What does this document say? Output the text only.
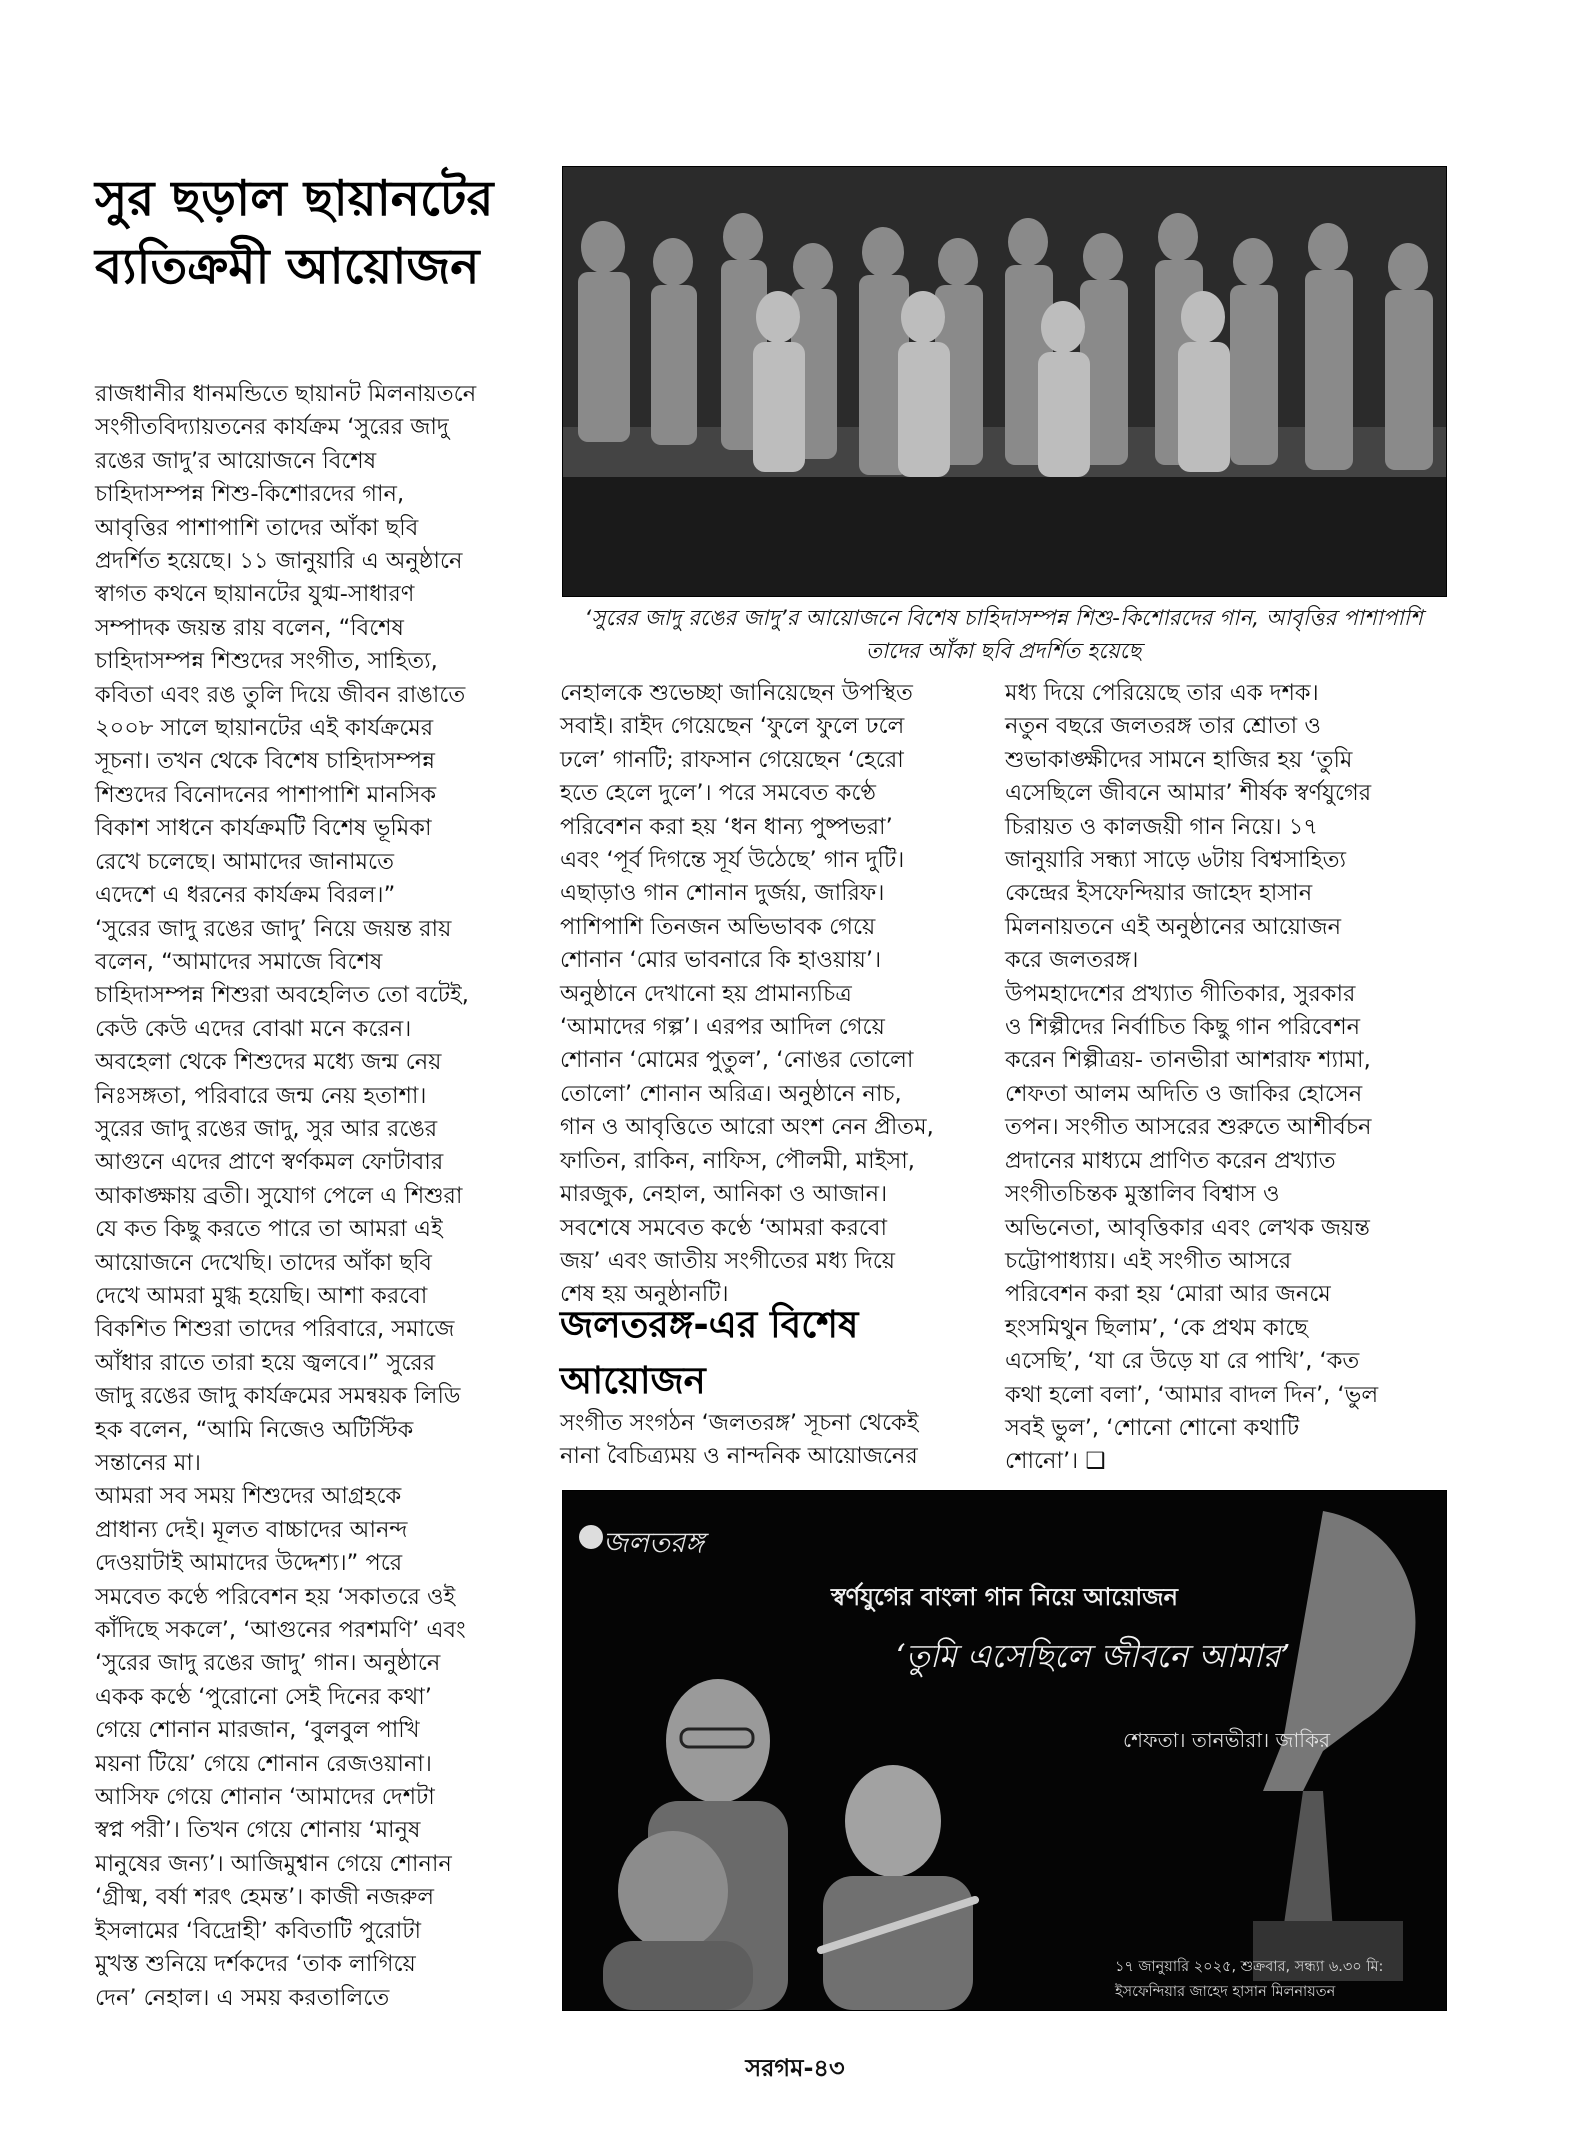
সুর ছড়াল ছায়ানটের ব্যতিক্রমী আয়োজন
রাজধানীর ধানমন্ডিতে ছায়ানট মিলনায়তনে
সংগীতবিদ্যায়তনের কার্যক্রম ‘সুরের জাদু
রঙের জাদু’র আয়োজনে বিশেষ
চাহিদাসম্পন্ন শিশু-কিশোরদের গান,
আবৃত্তির পাশাপাশি তাদের আঁকা ছবি
প্রদর্শিত হয়েছে। ১১ জানুয়ারি এ অনুষ্ঠানে
স্বাগত কথনে ছায়ানটের যুগ্ম-সাধারণ
সম্পাদক জয়ন্ত রায় বলেন, “বিশেষ
চাহিদাসম্পন্ন শিশুদের সংগীত, সাহিত্য,
কবিতা এবং রঙ তুলি দিয়ে জীবন রাঙাতে
২০০৮ সালে ছায়ানটের এই কার্যক্রমের
সূচনা। তখন থেকে বিশেষ চাহিদাসম্পন্ন
শিশুদের বিনোদনের পাশাপাশি মানসিক
বিকাশ সাধনে কার্যক্রমটি বিশেষ ভূমিকা
রেখে চলেছে। আমাদের জানামতে
এদেশে এ ধরনের কার্যক্রম বিরল।”
‘সুরের জাদু রঙের জাদু’ নিয়ে জয়ন্ত রায়
বলেন, “আমাদের সমাজে বিশেষ
চাহিদাসম্পন্ন শিশুরা অবহেলিত তো বটেই,
কেউ কেউ এদের বোঝা মনে করেন।
অবহেলা থেকে শিশুদের মধ্যে জন্ম নেয়
নিঃসঙ্গতা, পরিবারে জন্ম নেয় হতাশা।
সুরের জাদু রঙের জাদু, সুর আর রঙের
আগুনে এদের প্রাণে স্বর্ণকমল ফোটাবার
আকাঙ্ক্ষায় ব্রতী। সুযোগ পেলে এ শিশুরা
যে কত কিছু করতে পারে তা আমরা এই
আয়োজনে দেখেছি। তাদের আঁকা ছবি
দেখে আমরা মুগ্ধ হয়েছি। আশা করবো
বিকশিত শিশুরা তাদের পরিবারে, সমাজে
আঁধার রাতে তারা হয়ে জ্বলবে।” সুরের
জাদু রঙের জাদু কার্যক্রমের সমন্বয়ক লিডি
হক বলেন, “আমি নিজেও অটিস্টিক
সন্তানের মা।
আমরা সব সময় শিশুদের আগ্রহকে
প্রাধান্য দেই। মূলত বাচ্চাদের আনন্দ
দেওয়াটাই আমাদের উদ্দেশ্য।” পরে
সমবেত কণ্ঠে পরিবেশন হয় ‘সকাতরে ওই
কাঁদিছে সকলে’, ‘আগুনের পরশমণি’ এবং
‘সুরের জাদু রঙের জাদু’ গান। অনুষ্ঠানে
একক কণ্ঠে ‘পুরোনো সেই দিনের কথা’
গেয়ে শোনান মারজান, ‘বুলবুল পাখি
ময়না টিয়ে’ গেয়ে শোনান রেজওয়ানা।
আসিফ গেয়ে শোনান ‘আমাদের দেশটা
স্বপ্ন পরী’। তিখন গেয়ে শোনায় ‘মানুষ
মানুষের জন্য’। আজিমুশ্বান গেয়ে শোনান
‘গ্রীষ্ম, বর্ষা শরৎ হেমন্ত’। কাজী নজরুল
ইসলামের ‘বিদ্রোহী’ কবিতাটি পুরোটা
মুখস্ত শুনিয়ে দর্শকদের ‘তাক লাগিয়ে
দেন’ নেহাল। এ সময় করতালিতে
‘সুরের জাদু রঙের জাদু’র আয়োজনে বিশেষ চাহিদাসম্পন্ন শিশু-কিশোরদের গান, আবৃত্তির পাশাপাশি তাদের আঁকা ছবি প্রদর্শিত হয়েছে
নেহালকে শুভেচ্ছা জানিয়েছেন উপস্থিত
সবাই। রাইদ গেয়েছেন ‘ফুলে ফুলে ঢলে
ঢলে’ গানটি; রাফসান গেয়েছেন ‘হেরো
হতে হেলে দুলে’। পরে সমবেত কণ্ঠে
পরিবেশন করা হয় ‘ধন ধান্য পুষ্পভরা’
এবং ‘পূর্ব দিগন্তে সূর্য উঠেছে’ গান দুটি।
এছাড়াও গান শোনান দুর্জয়, জারিফ।
পাশিপাশি তিনজন অভিভাবক গেয়ে
শোনান ‘মোর ভাবনারে কি হাওয়ায়’।
অনুষ্ঠানে দেখানো হয় প্রামান্যচিত্র
‘আমাদের গল্প’। এরপর আদিল গেয়ে
শোনান ‘মোমের পুতুল’, ‘নোঙর তোলো
তোলো’ শোনান অরিত্র। অনুষ্ঠানে নাচ,
গান ও আবৃত্তিতে আরো অংশ নেন প্রীতম,
ফাতিন, রাকিন, নাফিস, পৌলমী, মাইসা,
মারজুক, নেহাল, আনিকা ও আজান।
সবশেষে সমবেত কণ্ঠে ‘আমরা করবো
জয়’ এবং জাতীয় সংগীতের মধ্য দিয়ে
শেষ হয় অনুষ্ঠানটি।
জলতরঙ্গ-এর বিশেষ আয়োজন
সংগীত সংগঠন ‘জলতরঙ্গ’ সূচনা থেকেই
নানা বৈচিত্র্যময় ও নান্দনিক আয়োজনের
মধ্য দিয়ে পেরিয়েছে তার এক দশক।
নতুন বছরে জলতরঙ্গ তার শ্রোতা ও
শুভাকাঙ্ক্ষীদের সামনে হাজির হয় ‘তুমি
এসেছিলে জীবনে আমার’ শীর্ষক স্বর্ণযুগের
চিরায়ত ও কালজয়ী গান নিয়ে। ১৭
জানুয়ারি সন্ধ্যা সাড়ে ৬টায় বিশ্বসাহিত্য
কেন্দ্রের ইসফেন্দিয়ার জাহেদ হাসান
মিলনায়তনে এই অনুষ্ঠানের আয়োজন
করে জলতরঙ্গ।
উপমহাদেশের প্রখ্যাত গীতিকার, সুরকার
ও শিল্পীদের নির্বাচিত কিছু গান পরিবেশন
করেন শিল্পীত্রয়- তানভীরা আশরাফ শ্যামা,
শেফতা আলম অদিতি ও জাকির হোসেন
তপন। সংগীত আসরের শুরুতে আশীর্বচন
প্রদানের মাধ্যমে প্রাণিত করেন প্রখ্যাত
সংগীতচিন্তক মুস্তালিব বিশ্বাস ও
অভিনেতা, আবৃত্তিকার এবং লেখক জয়ন্ত
চট্টোপাধ্যায়। এই সংগীত আসরে
পরিবেশন করা হয় ‘মোরা আর জনমে
হংসমিথুন ছিলাম’, ‘কে প্রথম কাছে
এসেছি’, ‘যা রে উড়ে যা রে পাখি’, ‘কত
কথা হলো বলা’, ‘আমার বাদল দিন’, ‘ভুল
সবই ভুল’, ‘শোনো শোনো কথাটি
শোনো’। ❑
জলতরঙ্গ
স্বর্ণযুগের বাংলা গান নিয়ে আয়োজন
‘তুমি এসেছিলে জীবনে আমার’
শেফতা। তানভীরা। জাকির
১৭ জানুয়ারি ২০২৫, শুক্রবার, সন্ধ্যা ৬.৩০ মি:
ইসফেন্দিয়ার জাহেদ হাসান মিলনায়তন
সরগম-৪৩
